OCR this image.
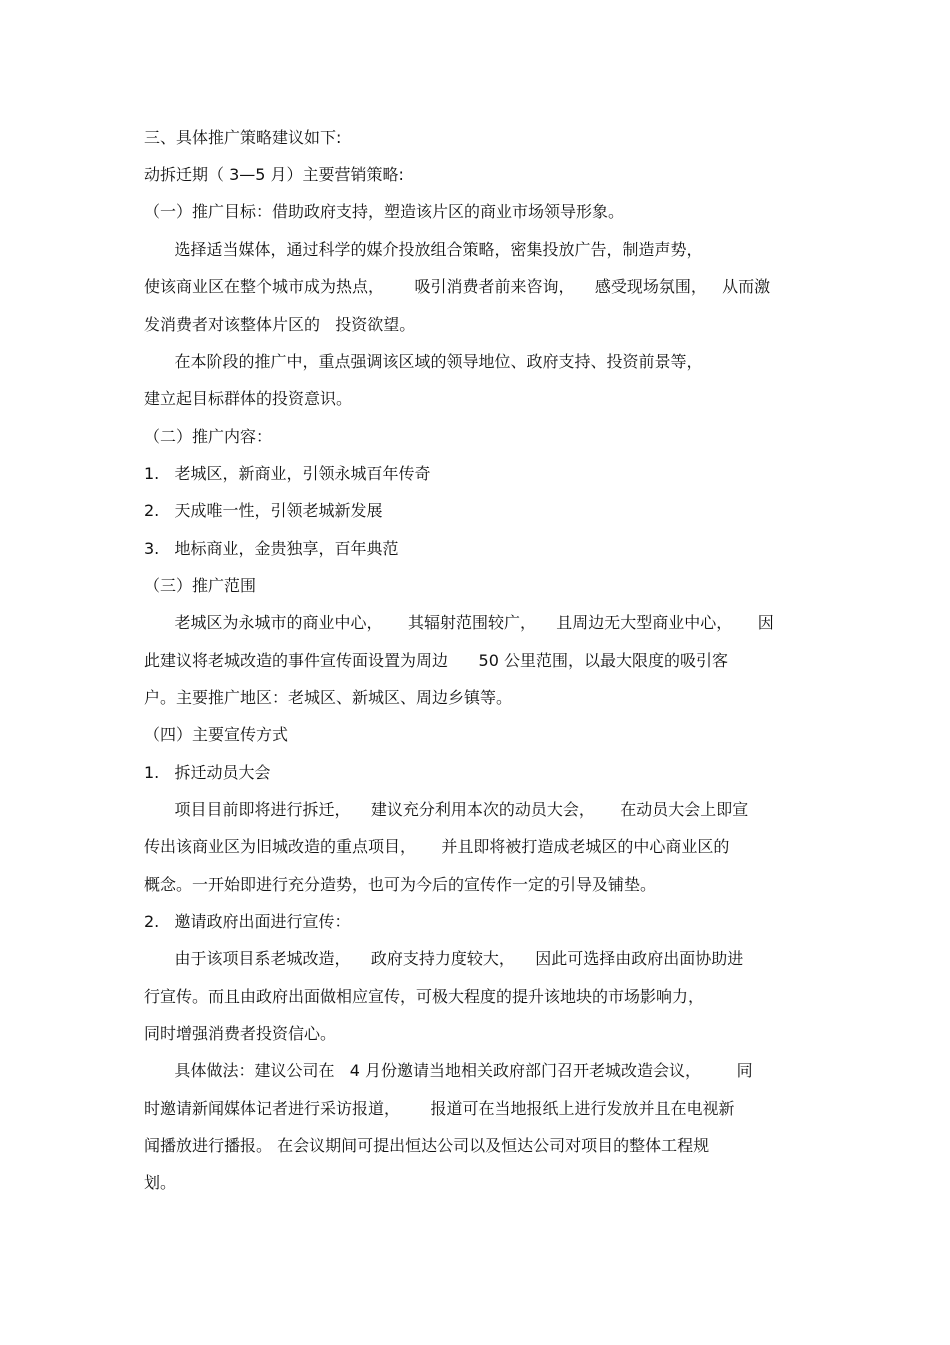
三、具体推广策略建议如下:
动拆迁期（ 3—5 月）主要营销策略:
（一）推广目标：借助政府支持，塑造该片区的商业市场领导形象。
选择适当媒体，通过科学的媒介投放组合策略，密集投放广告，制造声势，
使该商业区在整个城市成为热点，      吸引消费者前来咨询，    感受现场氛围，   从而激
发消费者对该整体片区的   投资欲望。
在本阶段的推广中，重点强调该区域的领导地位、政府支持、投资前景等，
建立起目标群体的投资意识。
（二）推广内容：
1.   老城区，新商业，引领永城百年传奇
2.   天成唯一性，引领老城新发展
3.   地标商业，金贵独享，百年典范
（三）推广范围
老城区为永城市的商业中心，     其辐射范围较广，    且周边无大型商业中心，     因
此建议将老城改造的事件宣传面设置为周边      50 公里范围，以最大限度的吸引客
户。主要推广地区：老城区、新城区、周边乡镇等。
（四）主要宣传方式
1.   拆迁动员大会
项目目前即将进行拆迁，    建议充分利用本次的动员大会，     在动员大会上即宣
传出该商业区为旧城改造的重点项目，     并且即将被打造成老城区的中心商业区的
概念。一开始即进行充分造势，也可为今后的宣传作一定的引导及铺垫。
2.   邀请政府出面进行宣传：
由于该项目系老城改造，    政府支持力度较大，    因此可选择由政府出面协助进
行宣传。而且由政府出面做相应宣传，可极大程度的提升该地块的市场影响力，
同时增强消费者投资信心。
具体做法：建议公司在   4 月份邀请当地相关政府部门召开老城改造会议，       同
时邀请新闻媒体记者进行采访报道，      报道可在当地报纸上进行发放并且在电视新
闻播放进行播报。 在会议期间可提出恒达公司以及恒达公司对项目的整体工程规
划。
